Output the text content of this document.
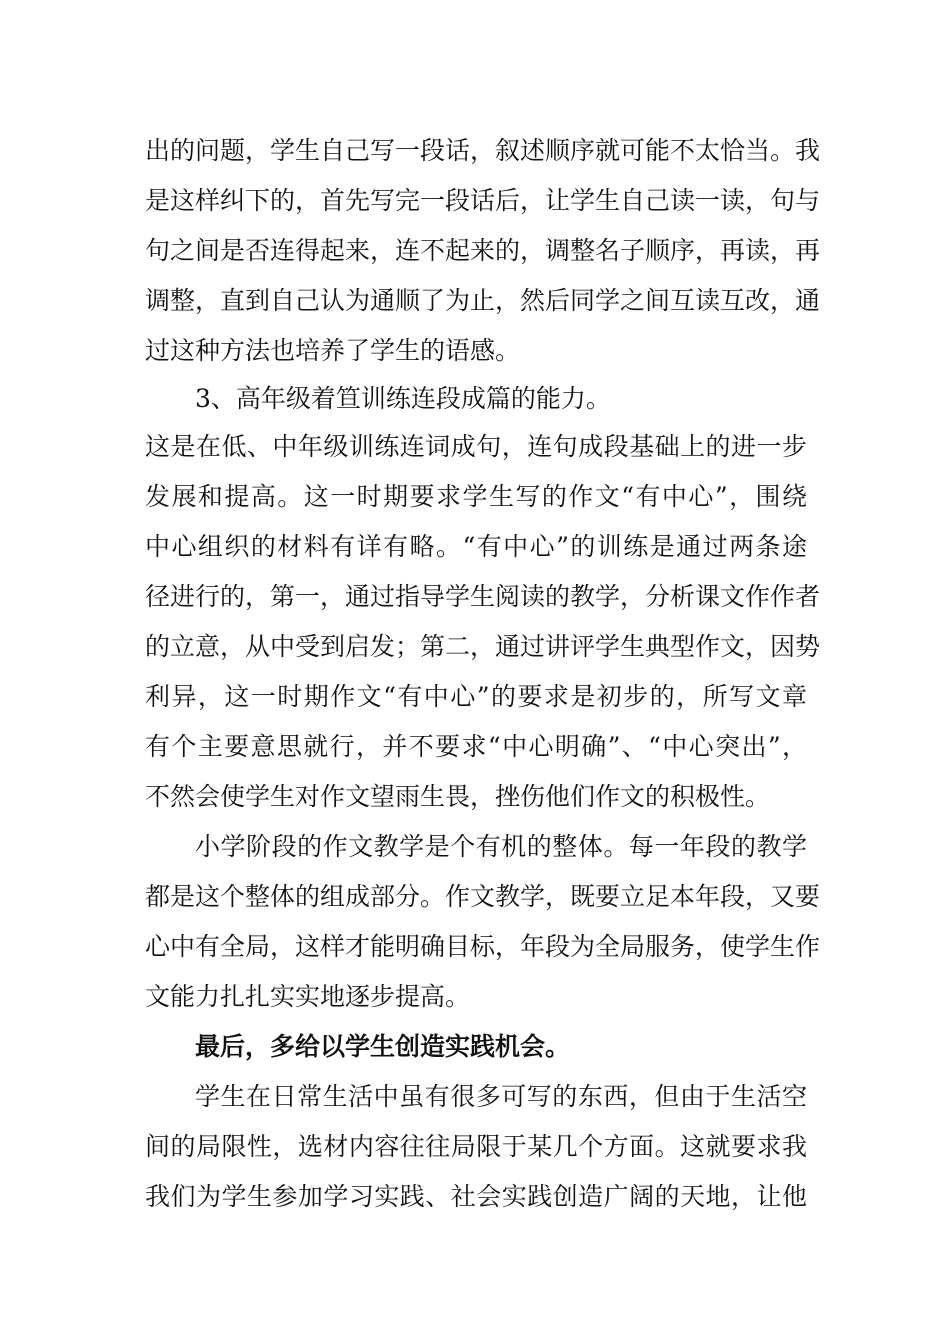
出的问题，学生自己写一段话，叙述顺序就可能不太恰当。我
是这样纠下的，首先写完一段话后，让学生自己读一读，句与
句之间是否连得起来，连不起来的，调整名子顺序，再读，再
调整，直到自己认为通顺了为止，然后同学之间互读互改，通
过这种方法也培养了学生的语感。
3、高年级着笪训练连段成篇的能力。
这是在低、中年级训练连词成句，连句成段基础上的进一步
发展和提高。这一时期要求学生写的作文“有中心”，围绕
中心组织的材料有详有略。“有中心”的训练是通过两条途
径进行的，第一，通过指导学生阅读的教学，分析课文作作者
的立意，从中受到启发；第二，通过讲评学生典型作文，因势
利异，这一时期作文“有中心”的要求是初步的，所写文章
有个主要意思就行，并不要求“中心明确”、“中心突出”，
不然会使学生对作文望雨生畏，挫伤他们作文的积极性。
小学阶段的作文教学是个有机的整体。每一年段的教学
都是这个整体的组成部分。作文教学，既要立足本年段，又要
心中有全局，这样才能明确目标，年段为全局服务，使学生作
文能力扎扎实实地逐步提高。
最后，多给以学生创造实践机会。
学生在日常生活中虽有很多可写的东西，但由于生活空
间的局限性，选材内容往往局限于某几个方面。这就要求我
我们为学生参加学习实践、社会实践创造广阔的天地，让他
